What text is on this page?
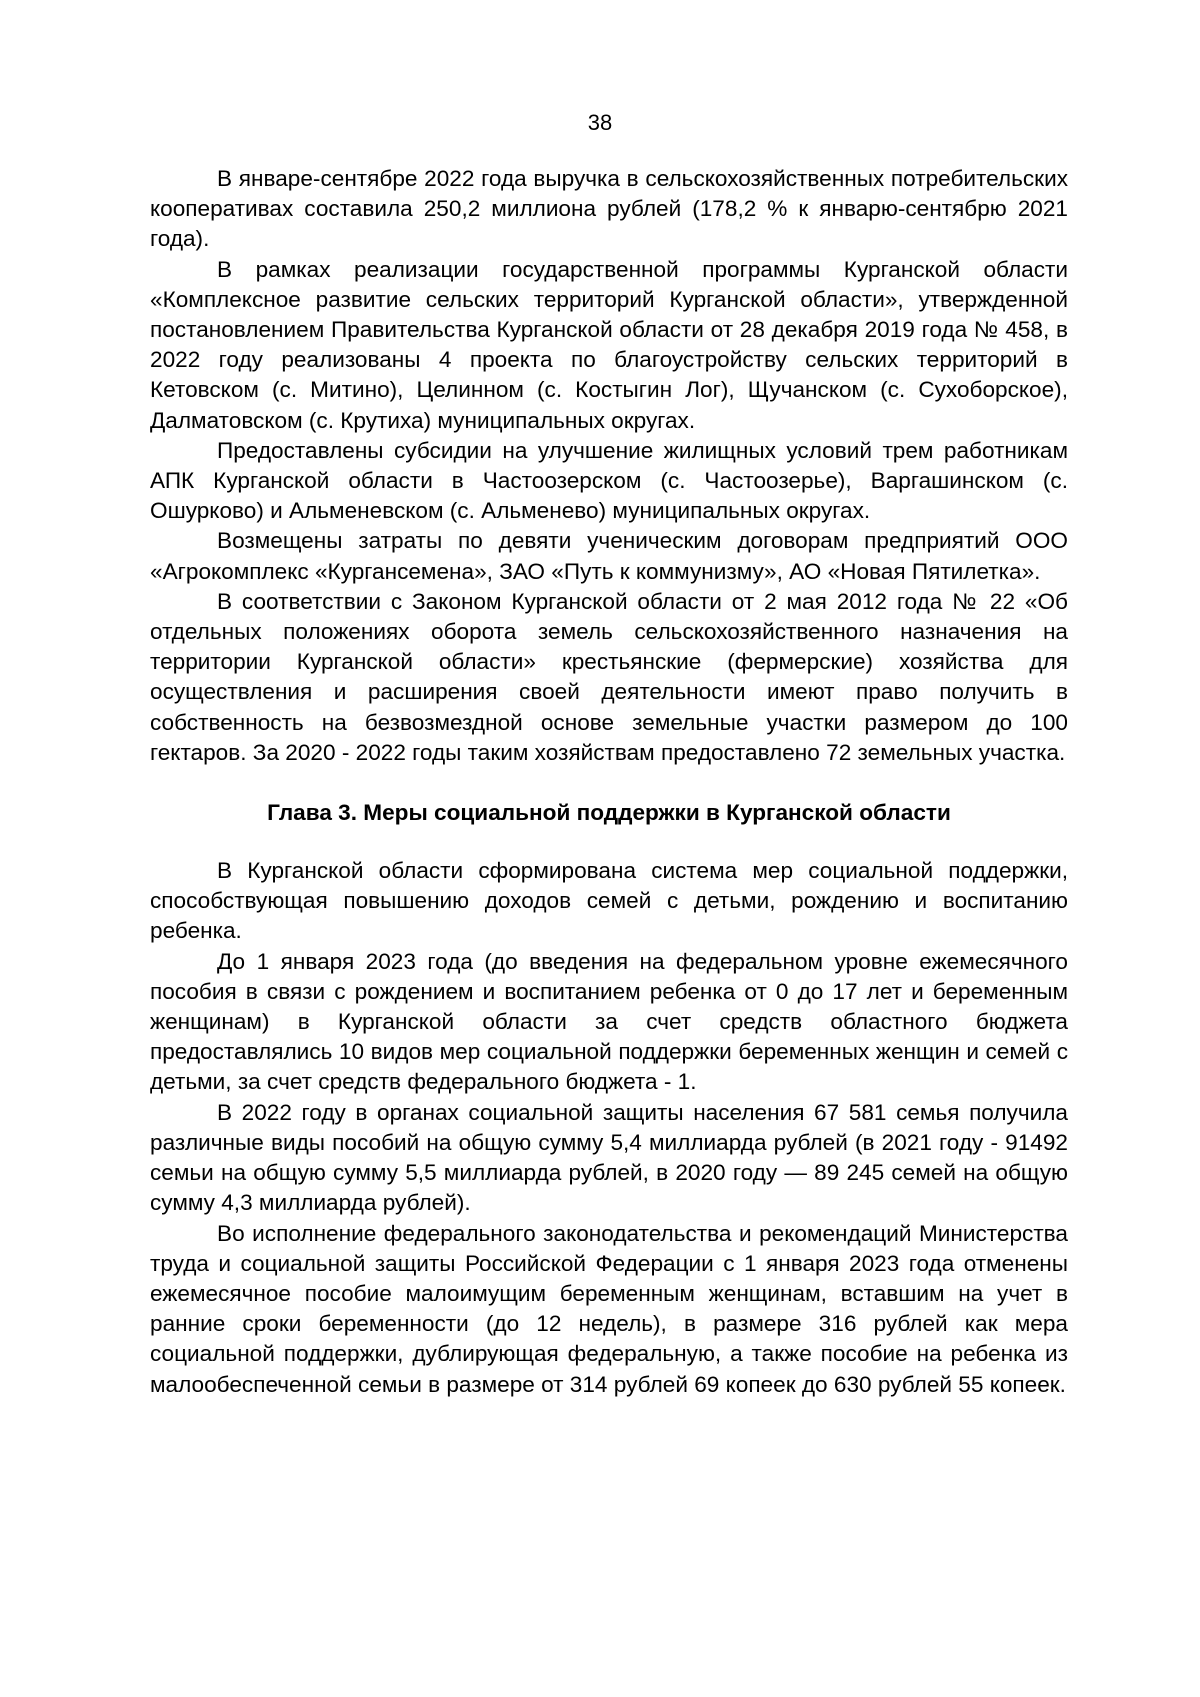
38

В январе-сентябре 2022 года выручка в сельскохозяйственных потребительских кооперативах составила 250,2 миллиона рублей (178,2 % к январю-сентябрю 2021 года).

В рамках реализации государственной программы Курганской области «Комплексное развитие сельских территорий Курганской области», утвержденной постановлением Правительства Курганской области от 28 декабря 2019 года № 458, в 2022 году реализованы 4 проекта по благоустройству сельских территорий в Кетовском (с. Митино), Целинном (с. Костыгин Лог), Щучанском (с. Сухоборское), Далматовском (с. Крутиха) муниципальных округах.

Предоставлены субсидии на улучшение жилищных условий трем работникам АПК Курганской области в Частоозерском (с. Частоозерье), Варгашинском (с. Ошурково) и Альменевском (с. Альменево) муниципальных округах.

Возмещены затраты по девяти ученическим договорам предприятий ООО «Агрокомплекс «Кургансемена», ЗАО «Путь к коммунизму», АО «Новая Пятилетка».

В соответствии с Законом Курганской области от 2 мая 2012 года № 22 «Об отдельных положениях оборота земель сельскохозяйственного назначения на территории Курганской области» крестьянские (фермерские) хозяйства для осуществления и расширения своей деятельности имеют право получить в собственность на безвозмездной основе земельные участки размером до 100 гектаров. За 2020 - 2022 годы таким хозяйствам предоставлено 72 земельных участка.

Глава 3. Меры социальной поддержки в Курганской области

В Курганской области сформирована система мер социальной поддержки, способствующая повышению доходов семей с детьми, рождению и воспитанию ребенка.

До 1 января 2023 года (до введения на федеральном уровне ежемесячного пособия в связи с рождением и воспитанием ребенка от 0 до 17 лет и беременным женщинам) в Курганской области за счет средств областного бюджета предоставлялись 10 видов мер социальной поддержки беременных женщин и семей с детьми, за счет средств федерального бюджета - 1.

В 2022 году в органах социальной защиты населения 67 581 семья получила различные виды пособий на общую сумму 5,4 миллиарда рублей (в 2021 году - 91492 семьи на общую сумму 5,5 миллиарда рублей, в 2020 году — 89 245 семей на общую сумму 4,3 миллиарда рублей).

Во исполнение федерального законодательства и рекомендаций Министерства труда и социальной защиты Российской Федерации с 1 января 2023 года отменены ежемесячное пособие малоимущим беременным женщинам, вставшим на учет в ранние сроки беременности (до 12 недель), в размере 316 рублей как мера социальной поддержки, дублирующая федеральную, а также пособие на ребенка из малообеспеченной семьи в размере от 314 рублей 69 копеек до 630 рублей 55 копеек.
